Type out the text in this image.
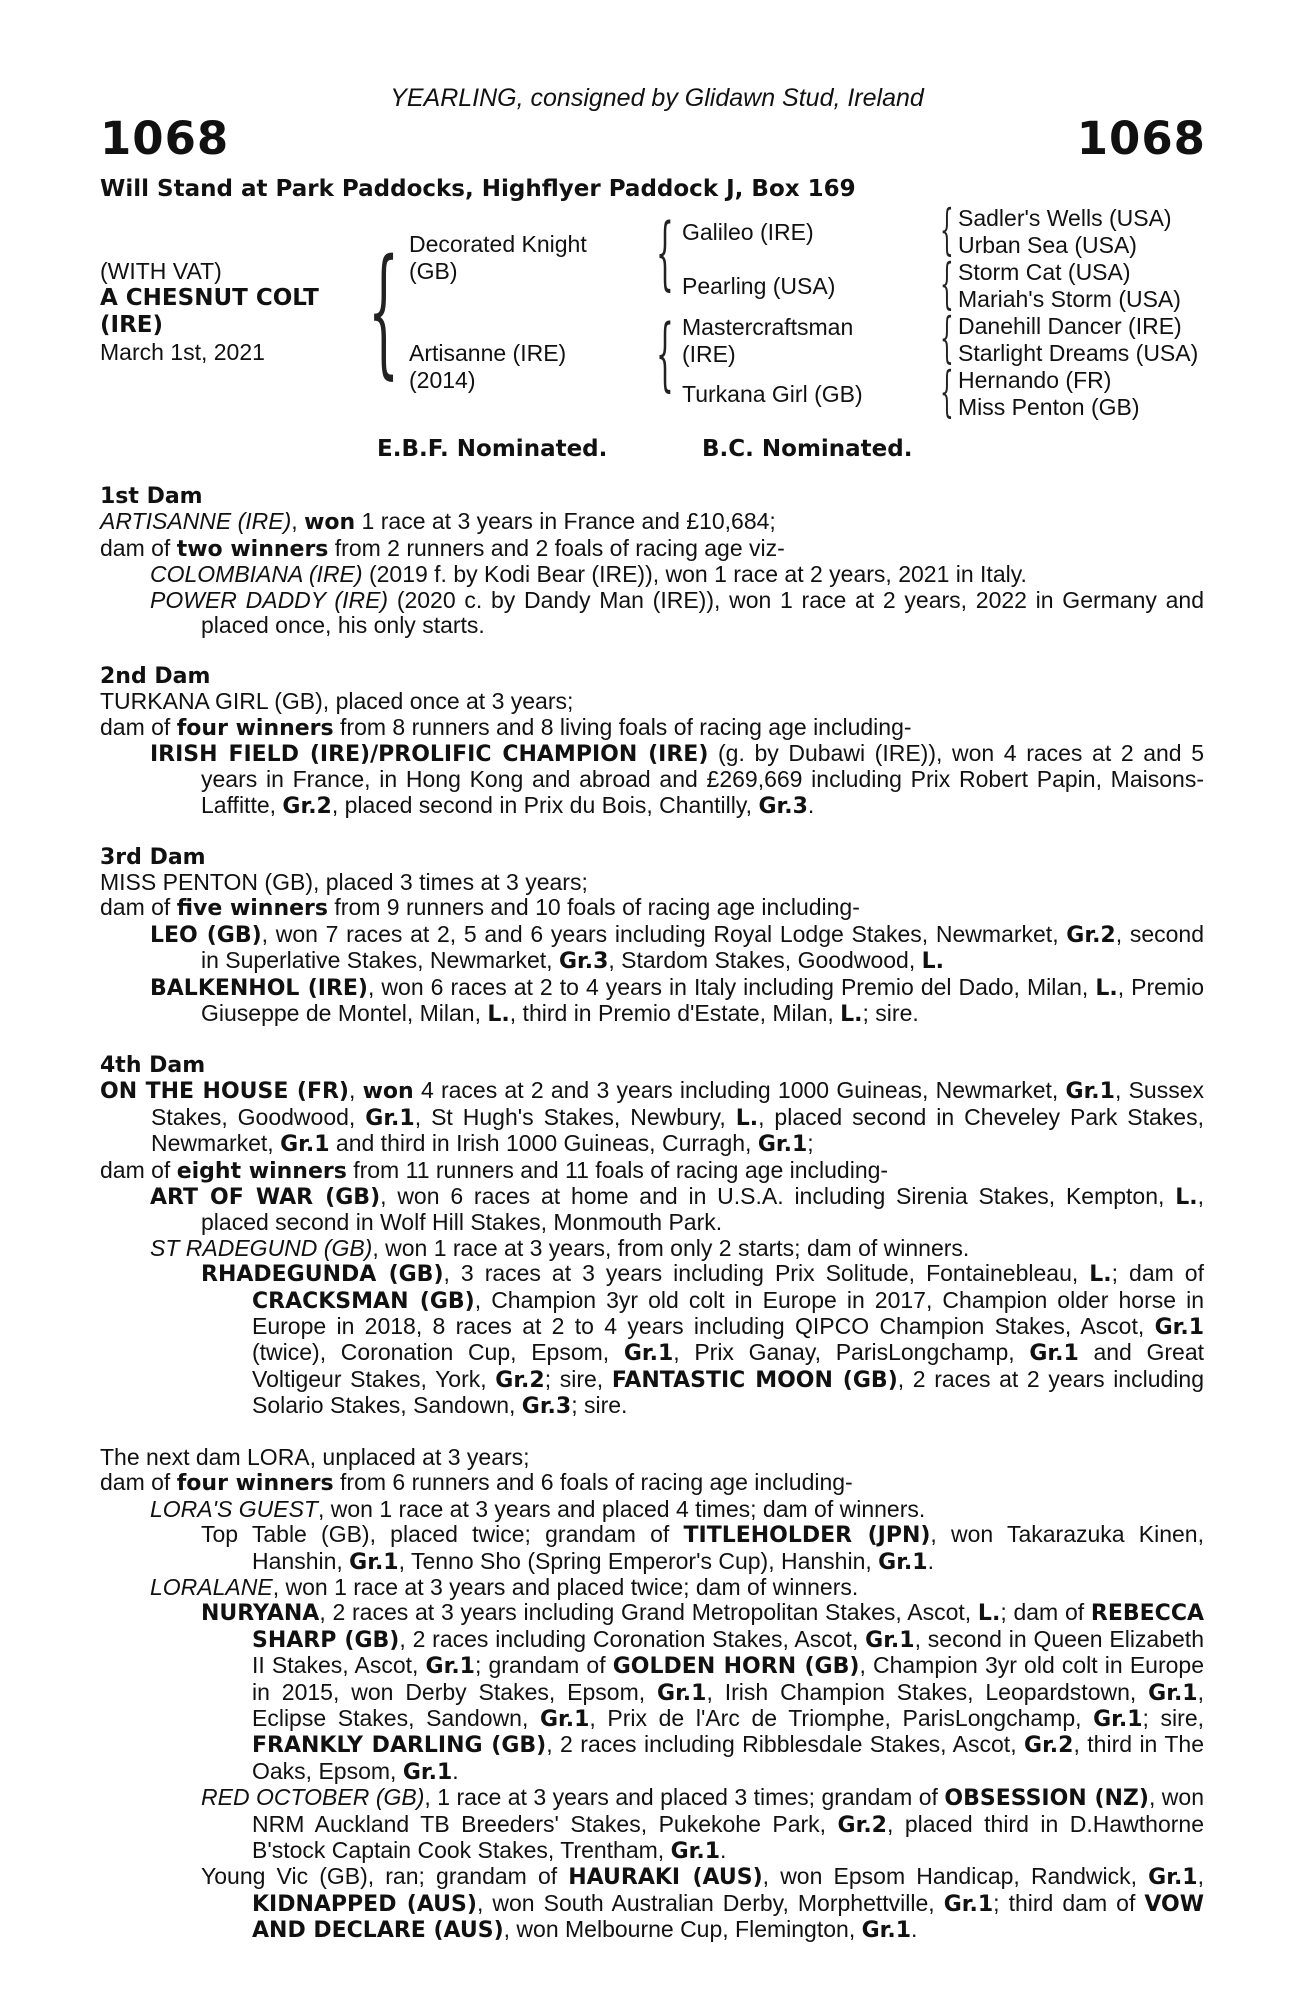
YEARLING, consigned by Glidawn Stud, Ireland
1068	1068
Will Stand at Park Paddocks, Highflyer Paddock J, Box 169
(WITH VAT)
A CHESNUT COLT
(IRE)
March 1st, 2021 { Decorated Knight
(GB)
Artisanne (IRE)
(2014)
{
{
Galileo (IRE)
Pearling (USA)
Mastercraftsman
(IRE)
Turkana Girl (GB)
{
{
{
{
Sadler's Wells (USA)
Urban Sea (USA)
Storm Cat (USA)
Mariah's Storm (USA)
Danehill Dancer (IRE)
Starlight Dreams (USA)
Hernando (FR)
Miss Penton (GB)
E.B.F. Nominated.	B.C. Nominated.
1st Dam
ARTISANNE (IRE), won 1 race at 3 years in France and £10,684;
dam of two winners from 2 runners and 2 foals of racing age viz-
COLOMBIANA (IRE) (2019 f. by Kodi Bear (IRE)), won 1 race at 2 years, 2021 in Italy.
POWER DADDY (IRE) (2020 c. by Dandy Man (IRE)), won 1 race at 2 years, 2022 in Germany and placed once, his only starts.
2nd Dam
TURKANA GIRL (GB), placed once at 3 years;
dam of four winners from 8 runners and 8 living foals of racing age including-
IRISH FIELD (IRE)/PROLIFIC CHAMPION (IRE) (g. by Dubawi (IRE)), won 4 races at 2 and 5 years in France, in Hong Kong and abroad and £269,669 including Prix Robert Papin, Maisons-Laffitte, Gr.2, placed second in Prix du Bois, Chantilly, Gr.3.
3rd Dam
MISS PENTON (GB), placed 3 times at 3 years;
dam of five winners from 9 runners and 10 foals of racing age including-
LEO (GB), won 7 races at 2, 5 and 6 years including Royal Lodge Stakes, Newmarket, Gr.2, second in Superlative Stakes, Newmarket, Gr.3, Stardom Stakes, Goodwood, L.
BALKENHOL (IRE), won 6 races at 2 to 4 years in Italy including Premio del Dado, Milan, L., Premio Giuseppe de Montel, Milan, L., third in Premio d'Estate, Milan, L.; sire.
4th Dam
ON THE HOUSE (FR), won 4 races at 2 and 3 years including 1000 Guineas, Newmarket, Gr.1, Sussex Stakes, Goodwood, Gr.1, St Hugh's Stakes, Newbury, L., placed second in Cheveley Park Stakes, Newmarket, Gr.1 and third in Irish 1000 Guineas, Curragh, Gr.1;
dam of eight winners from 11 runners and 11 foals of racing age including-
ART OF WAR (GB), won 6 races at home and in U.S.A. including Sirenia Stakes, Kempton, L., placed second in Wolf Hill Stakes, Monmouth Park.
ST RADEGUND (GB), won 1 race at 3 years, from only 2 starts; dam of winners.
RHADEGUNDA (GB), 3 races at 3 years including Prix Solitude, Fontainebleau, L.; dam of CRACKSMAN (GB), Champion 3yr old colt in Europe in 2017, Champion older horse in Europe in 2018, 8 races at 2 to 4 years including QIPCO Champion Stakes, Ascot, Gr.1 (twice), Coronation Cup, Epsom, Gr.1, Prix Ganay, ParisLongchamp, Gr.1 and Great Voltigeur Stakes, York, Gr.2; sire, FANTASTIC MOON (GB), 2 races at 2 years including Solario Stakes, Sandown, Gr.3; sire.
The next dam LORA, unplaced at 3 years;
dam of four winners from 6 runners and 6 foals of racing age including-
LORA'S GUEST, won 1 race at 3 years and placed 4 times; dam of winners.
Top Table (GB), placed twice; grandam of TITLEHOLDER (JPN), won Takarazuka Kinen, Hanshin, Gr.1, Tenno Sho (Spring Emperor's Cup), Hanshin, Gr.1.
LORALANE, won 1 race at 3 years and placed twice; dam of winners.
NURYANA, 2 races at 3 years including Grand Metropolitan Stakes, Ascot, L.; dam of REBECCA SHARP (GB), 2 races including Coronation Stakes, Ascot, Gr.1, second in Queen Elizabeth II Stakes, Ascot, Gr.1; grandam of GOLDEN HORN (GB), Champion 3yr old colt in Europe in 2015, won Derby Stakes, Epsom, Gr.1, Irish Champion Stakes, Leopardstown, Gr.1, Eclipse Stakes, Sandown, Gr.1, Prix de l'Arc de Triomphe, ParisLongchamp, Gr.1; sire, FRANKLY DARLING (GB), 2 races including Ribblesdale Stakes, Ascot, Gr.2, third in The Oaks, Epsom, Gr.1.
RED OCTOBER (GB), 1 race at 3 years and placed 3 times; grandam of OBSESSION (NZ), won NRM Auckland TB Breeders' Stakes, Pukekohe Park, Gr.2, placed third in D.Hawthorne B'stock Captain Cook Stakes, Trentham, Gr.1.
Young Vic (GB), ran; grandam of HAURAKI (AUS), won Epsom Handicap, Randwick, Gr.1, KIDNAPPED (AUS), won South Australian Derby, Morphettville, Gr.1; third dam of VOW AND DECLARE (AUS), won Melbourne Cup, Flemington, Gr.1.
